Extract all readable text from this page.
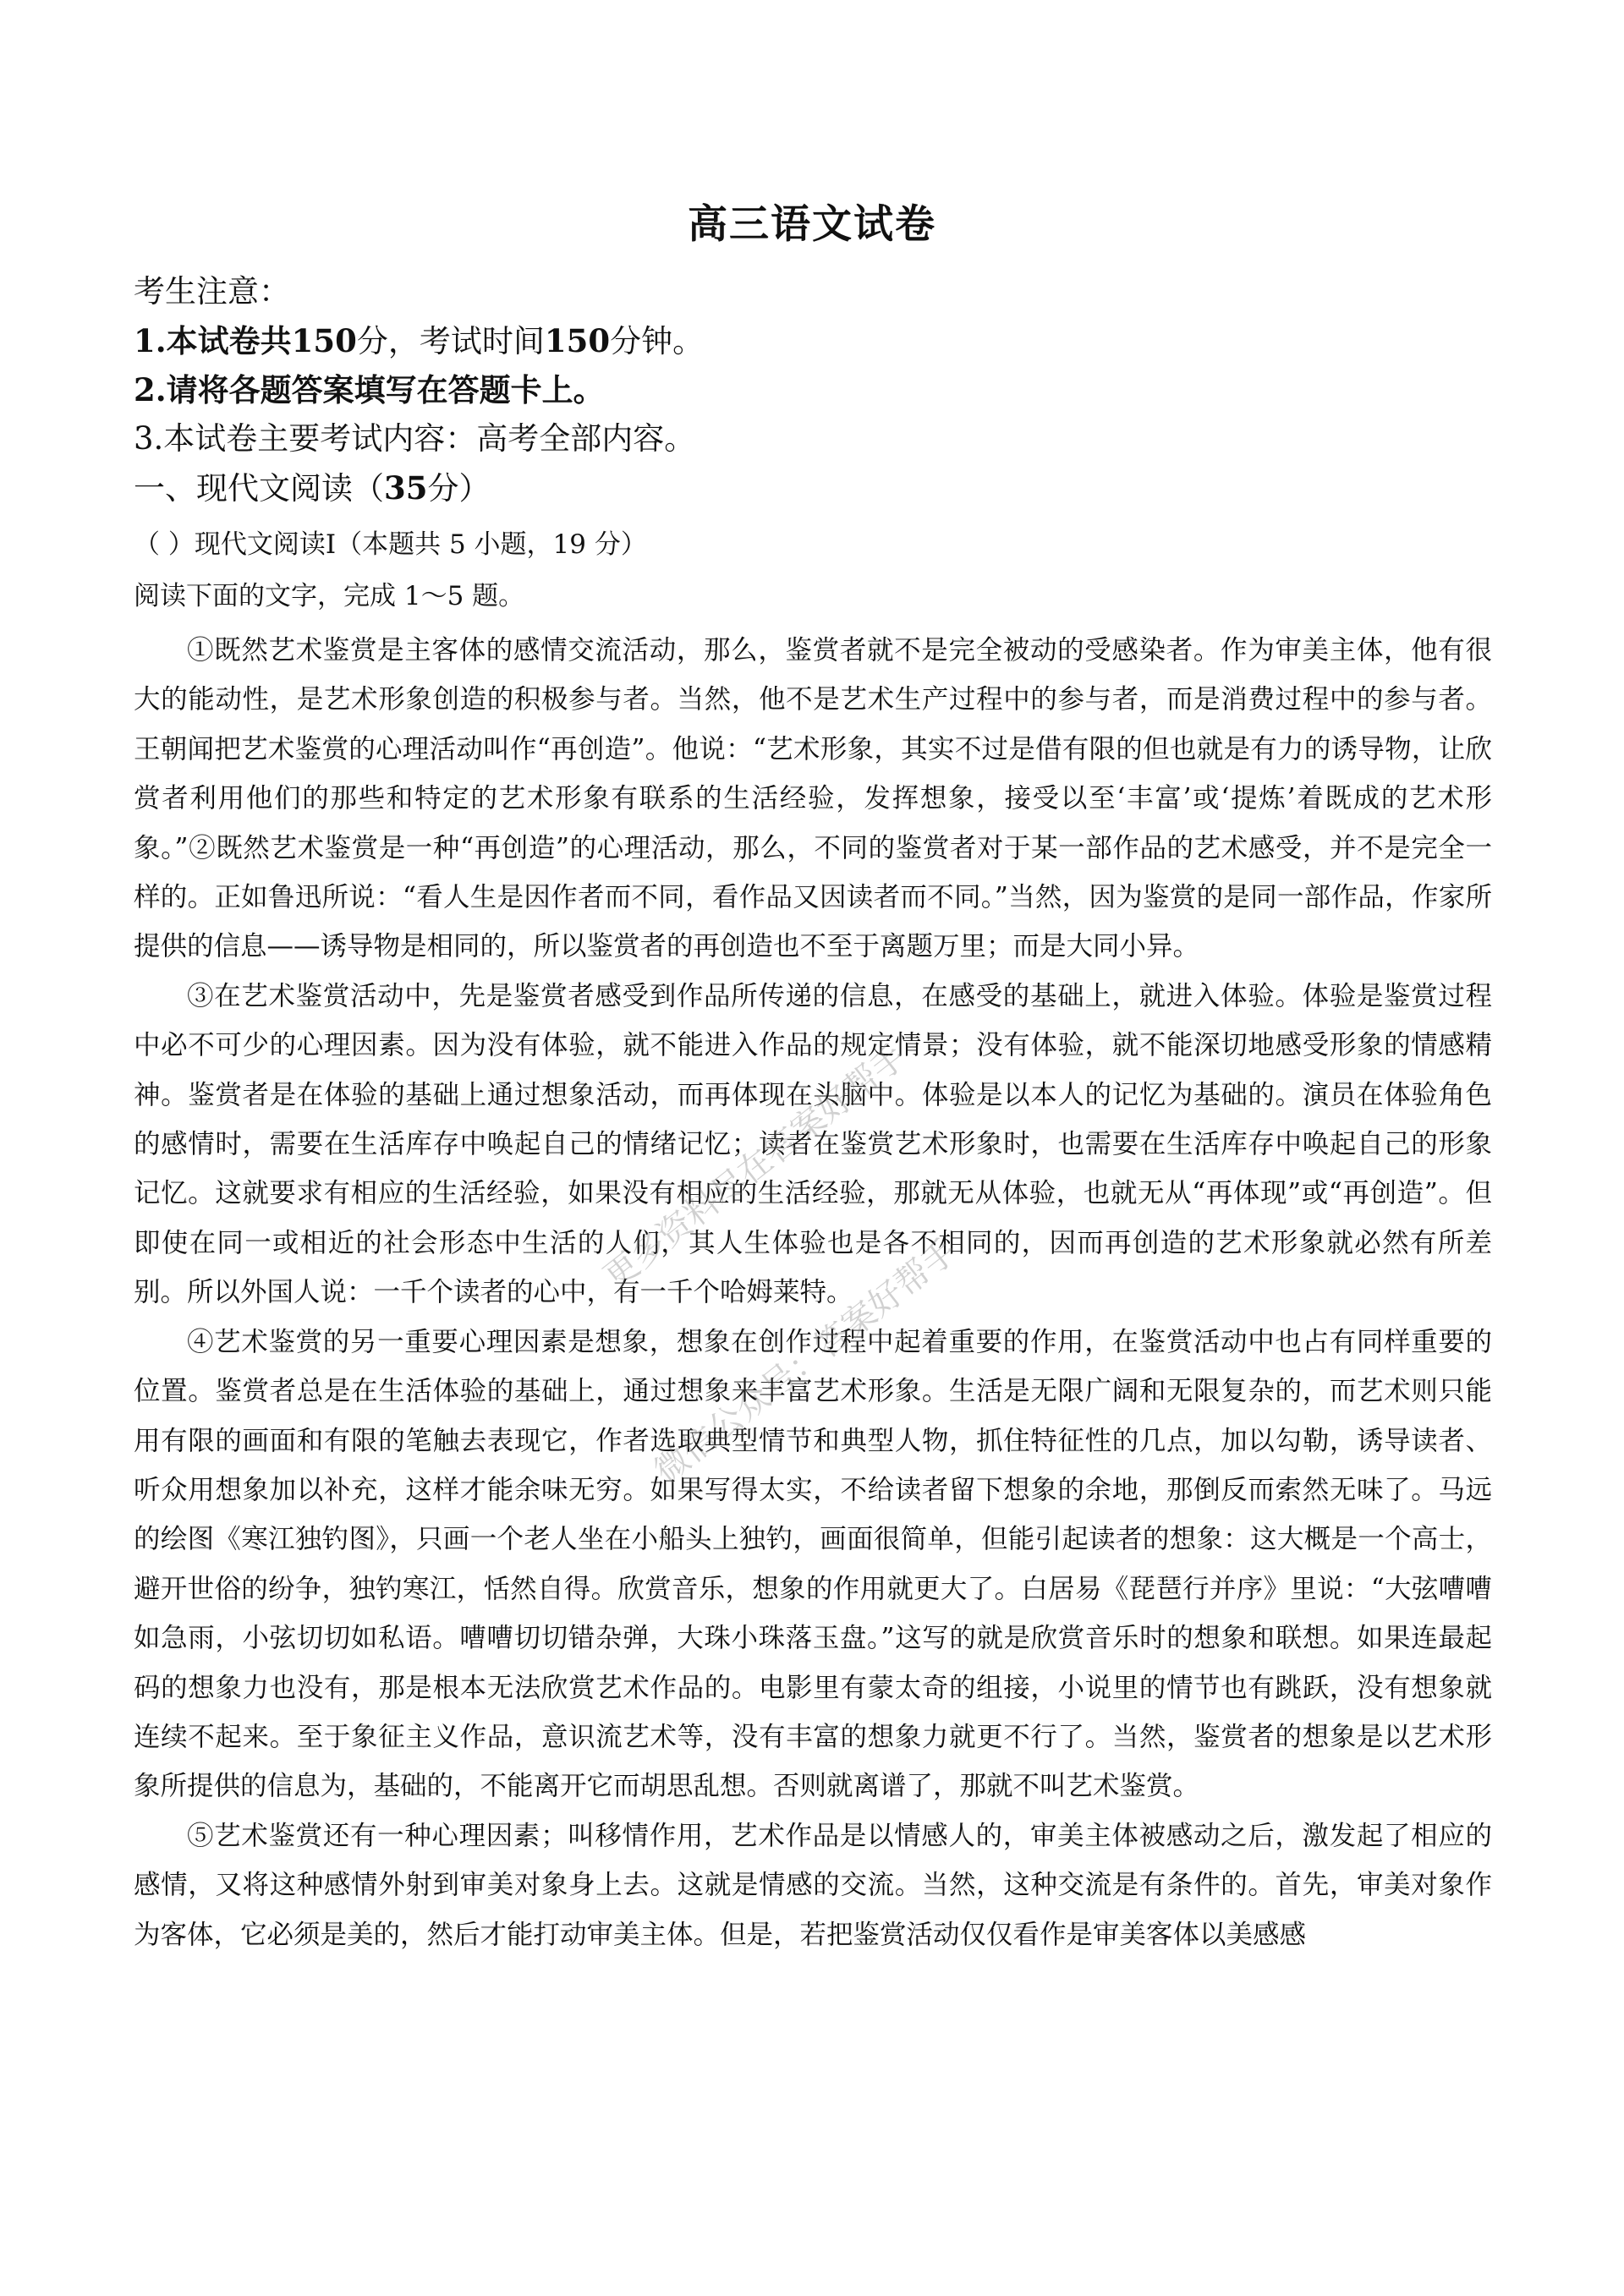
高三语文试卷
考生注意：
1.本试卷共150分，考试时间150分钟。
2.请将各题答案填写在答题卡上。
3.本试卷主要考试内容：高考全部内容。
一、现代文阅读（35分）
（ ）现代文阅读Ⅰ（本题共 5 小题，19 分）
阅读下面的文字，完成 1～5 题。

①既然艺术鉴赏是主客体的感情交流活动，那么，鉴赏者就不是完全被动的受感染者。作为审美主体，他有很大的能动性，是艺术形象创造的积极参与者。当然，他不是艺术生产过程中的参与者，而是消费过程中的参与者。王朝闻把艺术鉴赏的心理活动叫作“再创造”。他说：“艺术形象，其实不过是借有限的但也就是有力的诱导物，让欣赏者利用他们的那些和特定的艺术形象有联系的生活经验，发挥想象，接受以至‘丰富’或‘提炼’着既成的艺术形象。”②既然艺术鉴赏是一种“再创造”的心理活动，那么，不同的鉴赏者对于某一部作品的艺术感受，并不是完全一样的。正如鲁迅所说：“看人生是因作者而不同，看作品又因读者而不同。”当然，因为鉴赏的是同一部作品，作家所提供的信息——诱导物是相同的，所以鉴赏者的再创造也不至于离题万里；而是大同小异。

③在艺术鉴赏活动中，先是鉴赏者感受到作品所传递的信息，在感受的基础上，就进入体验。体验是鉴赏过程中必不可少的心理因素。因为没有体验，就不能进入作品的规定情景；没有体验，就不能深切地感受形象的情感精神。鉴赏者是在体验的基础上通过想象活动，而再体现在头脑中。体验是以本人的记忆为基础的。演员在体验角色的感情时，需要在生活库存中唤起自己的情绪记忆；读者在鉴赏艺术形象时，也需要在生活库存中唤起自己的形象记忆。这就要求有相应的生活经验，如果没有相应的生活经验，那就无从体验，也就无从“再体现”或“再创造”。但即使在同一或相近的社会形态中生活的人们，其人生体验也是各不相同的，因而再创造的艺术形象就必然有所差别。所以外国人说：一千个读者的心中，有一千个哈姆莱特。

④艺术鉴赏的另一重要心理因素是想象，想象在创作过程中起着重要的作用，在鉴赏活动中也占有同样重要的位置。鉴赏者总是在生活体验的基础上，通过想象来丰富艺术形象。生活是无限广阔和无限复杂的，而艺术则只能用有限的画面和有限的笔触去表现它，作者选取典型情节和典型人物，抓住特征性的几点，加以勾勒，诱导读者、听众用想象加以补充，这样才能余味无穷。如果写得太实，不给读者留下想象的余地，那倒反而索然无味了。马远的绘图《寒江独钓图》，只画一个老人坐在小船头上独钓，画面很简单，但能引起读者的想象：这大概是一个高士，避开世俗的纷争，独钓寒江，恬然自得。欣赏音乐，想象的作用就更大了。白居易《琵琶行并序》里说：“大弦嘈嘈如急雨，小弦切切如私语。嘈嘈切切错杂弹，大珠小珠落玉盘。”这写的就是欣赏音乐时的想象和联想。如果连最起码的想象力也没有，那是根本无法欣赏艺术作品的。电影里有蒙太奇的组接，小说里的情节也有跳跃，没有想象就连续不起来。至于象征主义作品，意识流艺术等，没有丰富的想象力就更不行了。当然，鉴赏者的想象是以艺术形象所提供的信息为，基础的，不能离开它而胡思乱想。否则就离谱了，那就不叫艺术鉴赏。

⑤艺术鉴赏还有一种心理因素；叫移情作用，艺术作品是以情感人的，审美主体被感动之后，激发起了相应的感情，又将这种感情外射到审美对象身上去。这就是情感的交流。当然，这种交流是有条件的。首先，审美对象作为客体，它必须是美的，然后才能打动审美主体。但是，若把鉴赏活动仅仅看作是审美客体以美感感

更多资料尽在答案好帮手
微信公众号：答案好帮手
